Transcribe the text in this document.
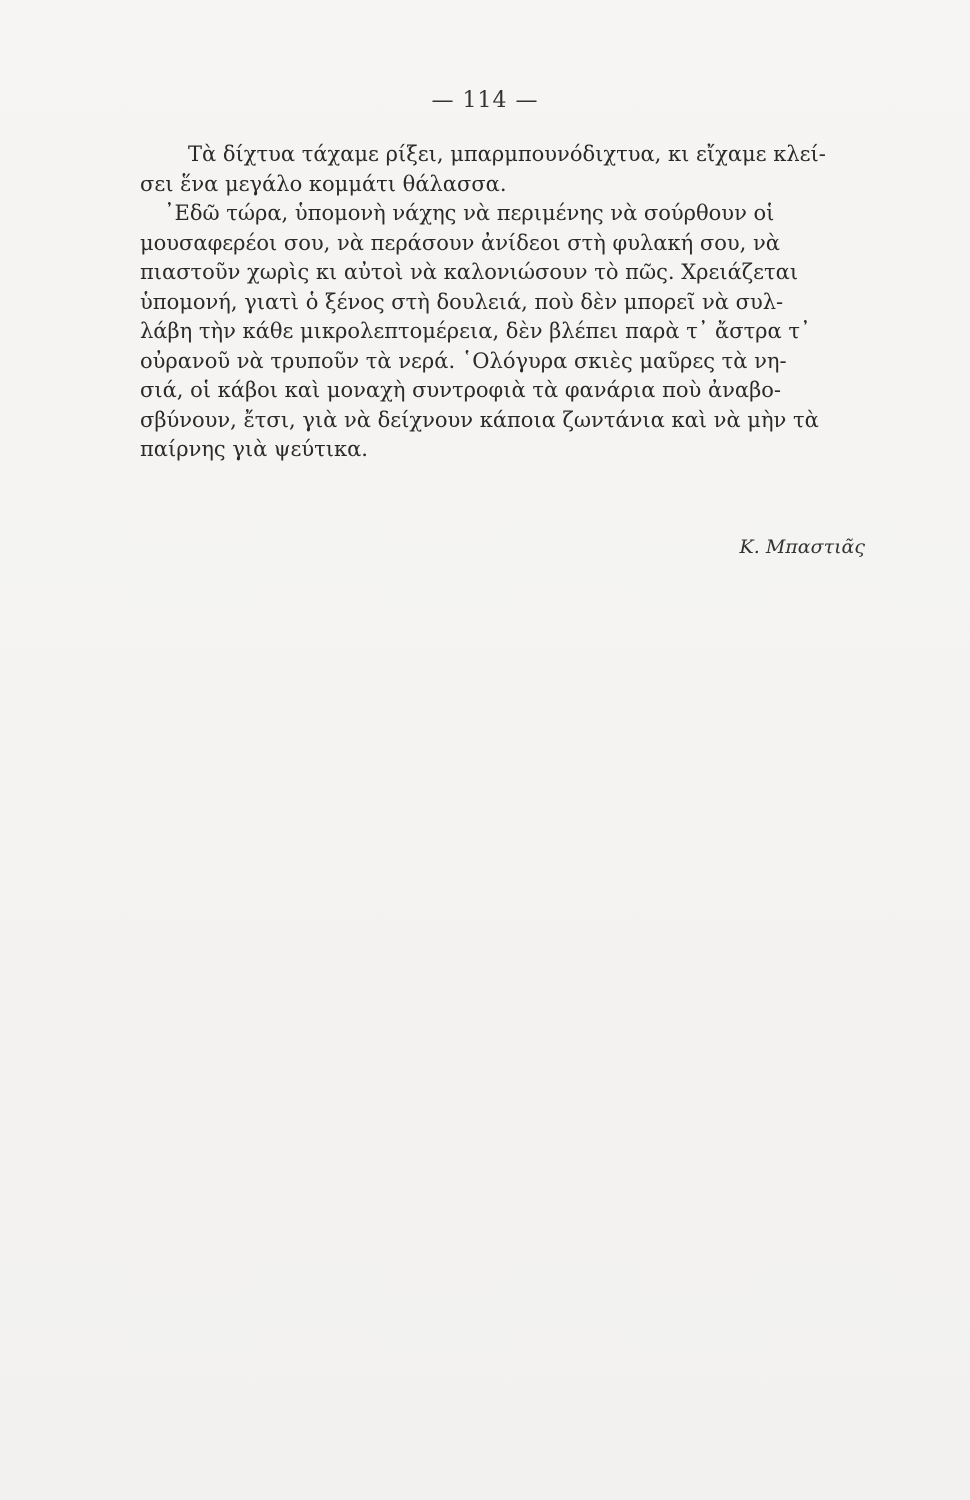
— 114 —
Τὰ δίχτυα τάχαμε ρίξει, μπαρμπουνόδιχτυα, κι εἴχαμε κλεί-
σει ἕνα μεγάλο κομμάτι θάλασσα.
᾽Εδῶ τώρα, ὑπομονὴ νάχης νὰ περιμένης νὰ σούρθουν οἱ
μουσαφερέοι σου, νὰ περάσουν ἀνίδεοι στὴ φυλακή σου, νὰ
πιαστοῦν χωρὶς κι αὐτοὶ νὰ καλονιώσουν τὸ πῶς. Χρειάζεται
ὑπομονή, γιατὶ ὁ ξένος στὴ δουλειά, ποὺ δὲν μπορεῖ νὰ συλ-
λάβη τὴν κάθε μικρολεπτομέρεια, δὲν βλέπει παρὰ τ᾽ ἄστρα τ᾽
οὐρανοῦ νὰ τρυποῦν τὰ νερά. ῾Ολόγυρα σκιὲς μαῦρες τὰ νη-
σιά, οἱ κάβοι καὶ μοναχὴ συντροφιὰ τὰ φανάρια ποὺ ἀναβο-
σβύνουν, ἔτσι, γιὰ νὰ δείχνουν κάποια ζωντάνια καὶ νὰ μὴν τὰ
παίρνης γιὰ ψεύτικα.
Κ. Μπαστιᾶς
